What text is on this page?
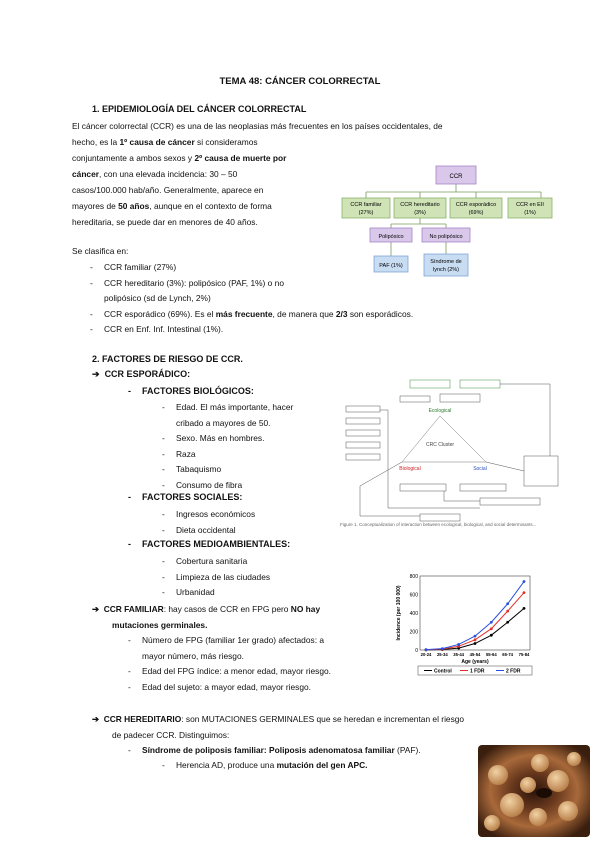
TEMA 48: CÁNCER COLORRECTAL
1. EPIDEMIOLOGÍA DEL CÁNCER COLORRECTAL
El cáncer colorrectal (CCR) es una de las neoplasias más frecuentes en los países occidentales, de
hecho, es la 1º causa de cáncer si consideramos
conjuntamente a ambos sexos y 2º causa de muerte por
cáncer, con una elevada incidencia: 30 – 50
casos/100.000 hab/año. Generalmente, aparece en
mayores de 50 años, aunque en el contexto de forma
hereditaria, se puede dar en menores de 40 años.
Se clasifica en:
- CCR familiar (27%)
- CCR hereditario (3%): polipósico (PAF, 1%) o no
polipósico (sd de Lynch, 2%)
- CCR esporádico (69%). Es el más frecuente, de manera que 2/3 son esporádicos.
- CCR en Enf. Inf. Intestinal (1%).
CCR
CCR familiar
(27%)
CCR hereditario
(3%)
CCR esporádico
(69%)
CCR en EII
(1%)
Polipósico	No polipósico
PAF (1%)
Síndrome de
lynch (2%)
2. FACTORES DE RIESGO DE CCR.
➔ CCR ESPORÁDICO:
- FACTORES BIOLÓGICOS:
- Edad. El más importante, hacer
cribado a mayores de 50.
- Sexo. Más en hombres.
- Raza
- Tabaquismo
- Consumo de fibra
- FACTORES SOCIALES:
- Ingresos económicos
- Dieta occidental
- FACTORES MEDIOAMBIENTALES:
- Cobertura sanitaria
- Limpieza de las ciudades
- Urbanidad
➔ CCR FAMILIAR: hay casos de CCR en FPG pero NO hay
mutaciones germinales.
- Número de FPG (familiar 1er grado) afectados: a
mayor número, más riesgo.
- Edad del FPG índice: a menor edad, mayor riesgo.
- Edad del sujeto: a mayor edad, mayor riesgo.
➔ CCR HEREDITARIO: son MUTACIONES GERMINALES que se heredan e incrementan el riesgo
de padecer CCR. Distinguimos:
- Síndrome de poliposis familiar: Poliposis adenomatosa familiar (PAF).
- Herencia AD, produce una mutación del gen APC.
Ecological
CRC Cluster
Biological	Social
Figure 1. Conceptualization of interaction between ecological, biological, and social determinants...
0
200
400
600
800
20-24 25-34 35-44 45-54 55-64 65-74 75-84
Age (years)
Incidence (per 100 000)
Control	1 FDR	2 FDR
